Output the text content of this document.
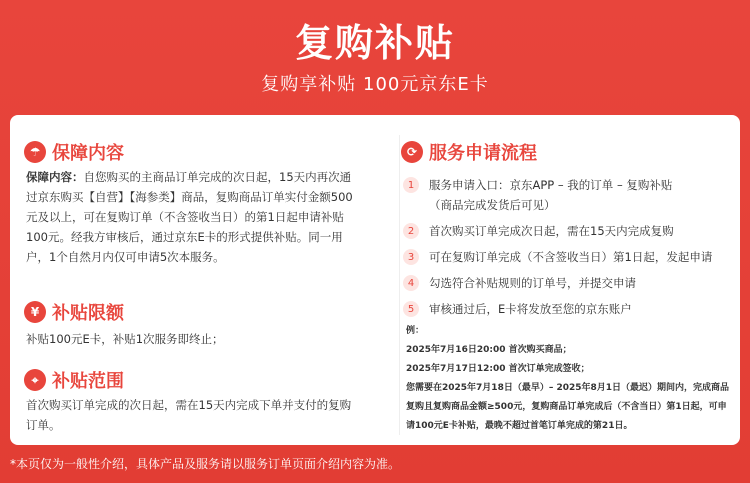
复购补贴
复购享补贴 100元京东E卡
☂ 保障内容
保障内容：自您购买的主商品订单完成的次日起，15天内再次通
过京东购买【自营】【海参类】商品，复购商品订单实付金额500
元及以上，可在复购订单（不含签收当日）的第1日起申请补贴
100元。经我方审核后，通过京东E卡的形式提供补贴。同一用
户，1个自然月内仅可申请5次本服务。
¥ 补贴限额
补贴100元E卡，补贴1次服务即终止；
⌖ 补贴范围
首次购买订单完成的次日起，需在15天内完成下单并支付的复购
订单。
⟳ 服务申请流程
1	服务申请入口：京东APP – 我的订单 – 复购补贴
（商品完成发货后可见）
2	首次购买订单完成次日起，需在15天内完成复购
3	可在复购订单完成（不含签收当日）第1日起，发起申请
4	勾选符合补贴规则的订单号，并提交申请
5	审核通过后，E卡将发放至您的京东账户
例：
2025年7月16日20:00 首次购买商品；
2025年7月17日12:00 首次订单完成签收；
您需要在2025年7月18日（最早）– 2025年8月1日（最迟）期间内，完成商品
复购且复购商品金额≥500元，复购商品订单完成后（不含当日）第1日起，可申
请100元E卡补贴，最晚不超过首笔订单完成的第21日。
*本页仅为一般性介绍，具体产品及服务请以服务订单页面介绍内容为准。
